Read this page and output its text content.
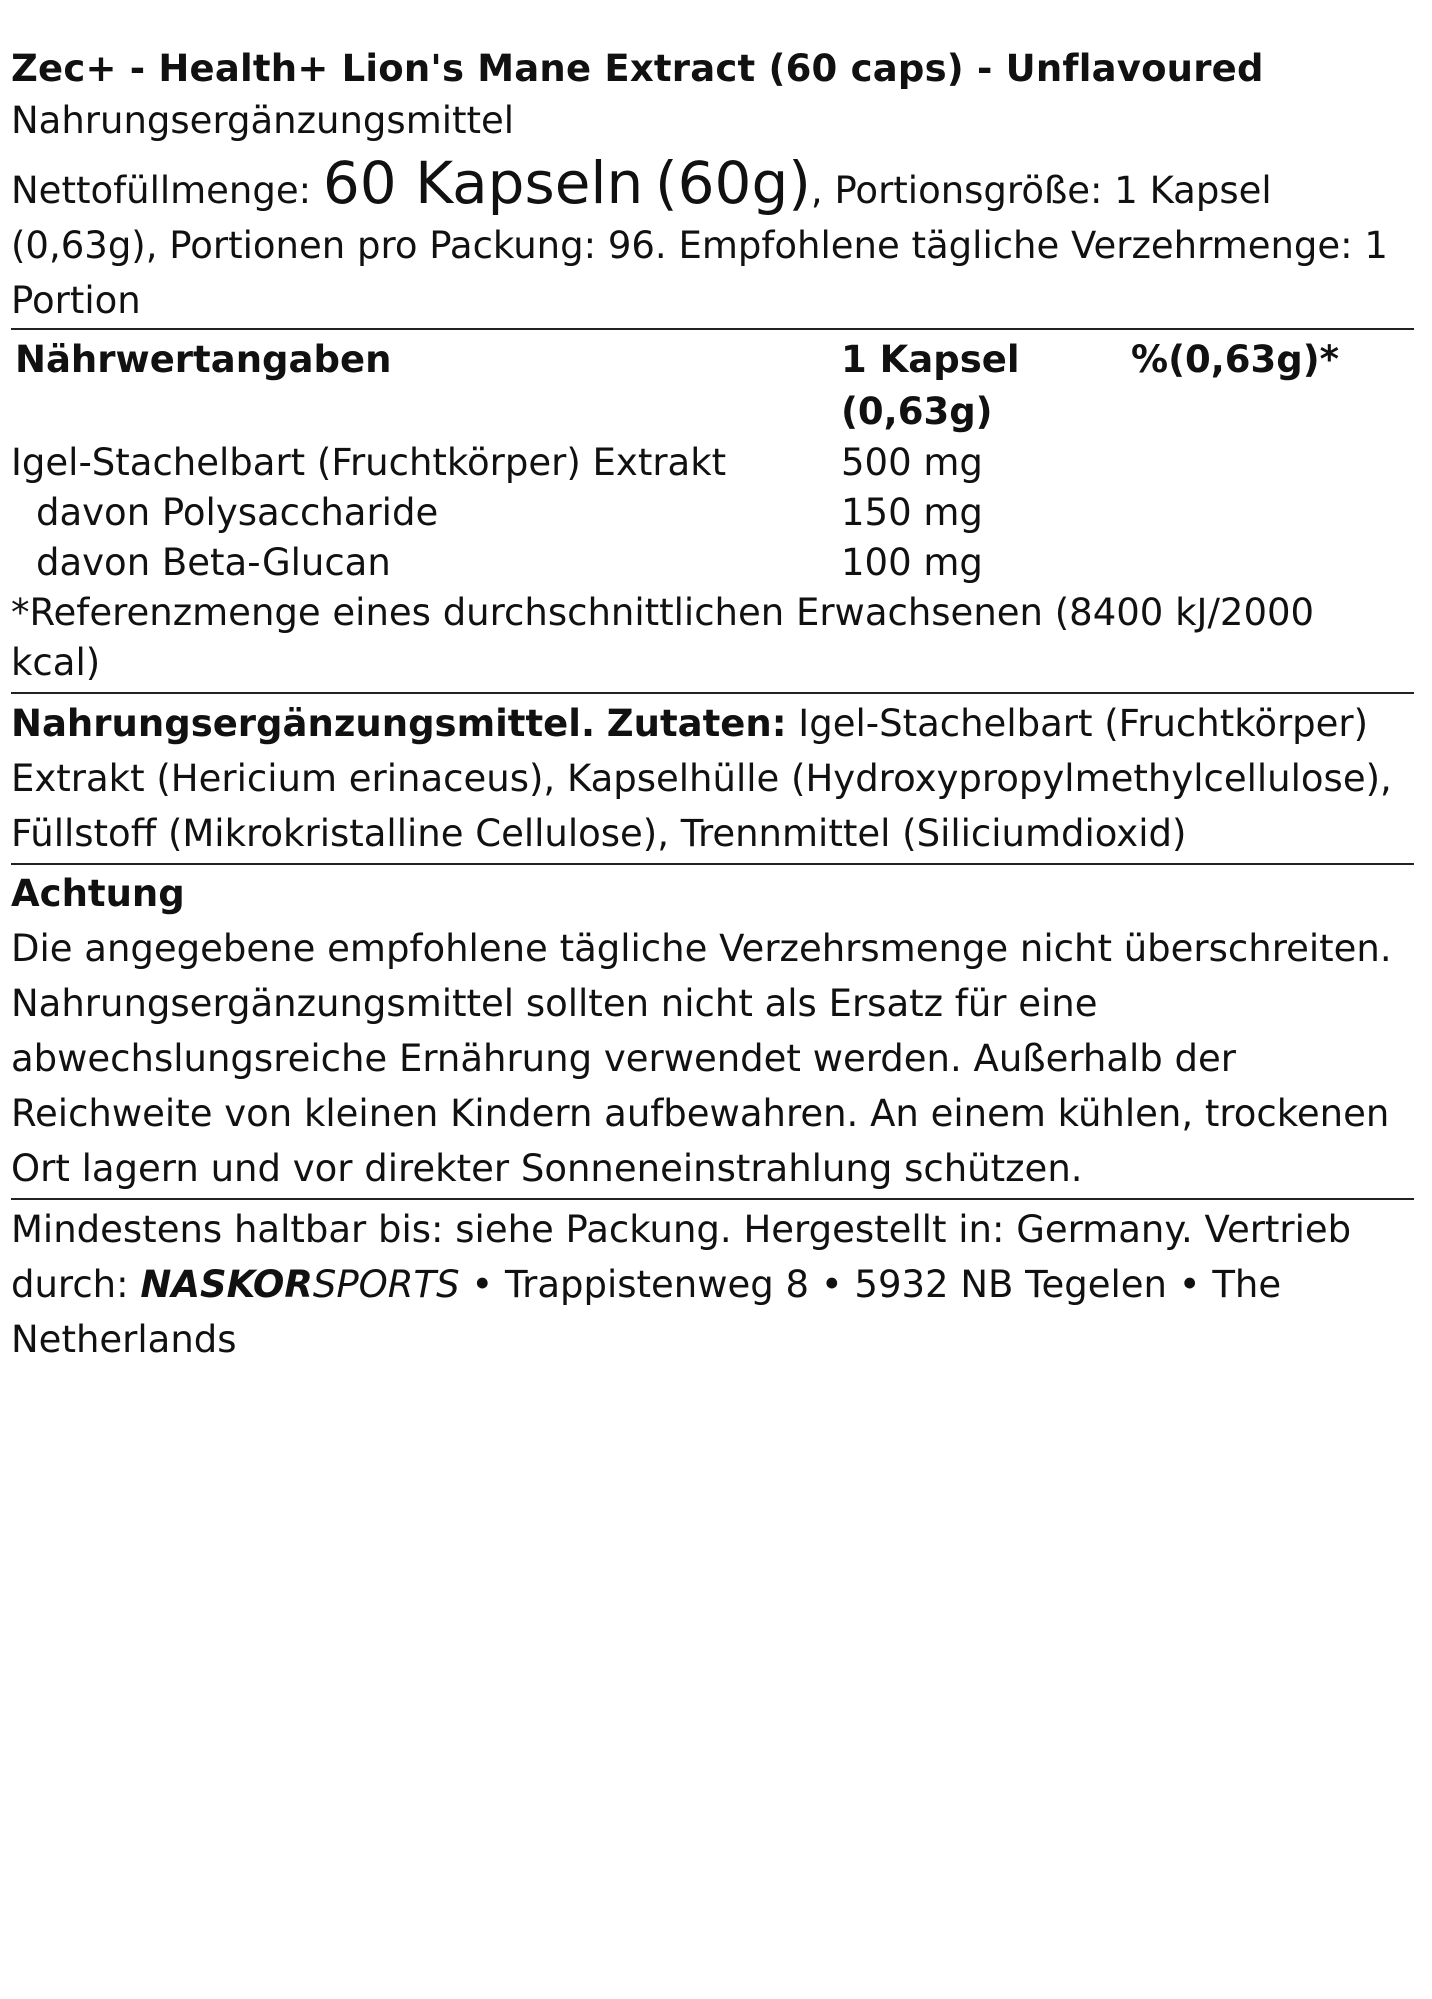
Zec+ - Health+ Lion's Mane Extract (60 caps) - Unflavoured
Nahrungsergänzungsmittel
Nettofüllmenge: 60 Kapseln (60g), Portionsgröße: 1 Kapsel (0,63g), Portionen pro Packung: 96. Empfohlene tägliche Verzehrmenge: 1 Portion
Nährwertangaben	1 Kapsel (0,63g)	%(0,63g)*
Igel-Stachelbart (Fruchtkörper) Extrakt	500 mg	
davon Polysaccharide	150 mg	
davon Beta-Glucan	100 mg	
*Referenzmenge eines durchschnittlichen Erwachsenen (8400 kJ/2000 kcal)
Nahrungsergänzungsmittel. Zutaten: Igel-Stachelbart (Fruchtkörper) Extrakt (Hericium erinaceus), Kapselhülle (Hydroxypropylmethylcellulose), Füllstoff (Mikrokristalline Cellulose), Trennmittel (Siliciumdioxid)
Achtung
Die angegebene empfohlene tägliche Verzehrsmenge nicht überschreiten. Nahrungsergänzungsmittel sollten nicht als Ersatz für eine abwechslungsreiche Ernährung verwendet werden. Außerhalb der Reichweite von kleinen Kindern aufbewahren. An einem kühlen, trockenen Ort lagern und vor direkter Sonneneinstrahlung schützen.
Mindestens haltbar bis: siehe Packung. Hergestellt in: Germany. Vertrieb durch: NASKORSPORTS • Trappistenweg 8 • 5932 NB Tegelen • The Netherlands
